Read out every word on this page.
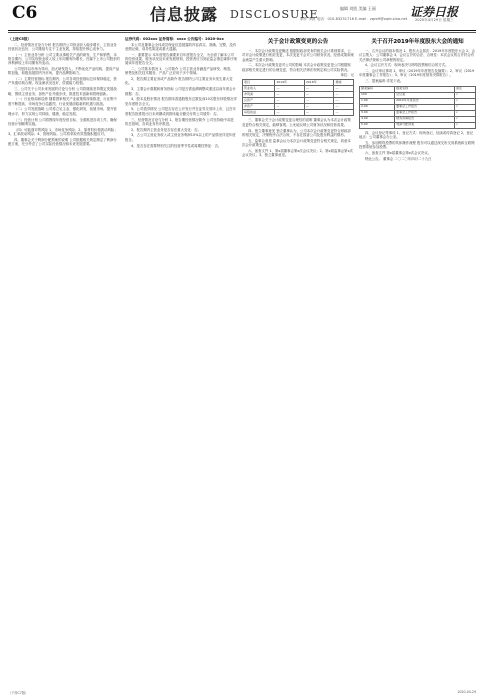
C6	信息披露 DISCLOSURE	编辑 刘凯 美编 王丽	证券日报
制作 李波 电话：010-83251716 E-mail：zqrb9@zqrb.sina.net 2020年4月29日 星期三
（上接C5版）

二、经营情况讨论与分析 报告期内公司营业收入稳步增长，主营业务经营状况良好，公司继续专注于主业发展，持续提升核心竞争力。

（一）主营业务分析 公司主要从事相关产品的研发、生产和销售，本报告期内，公司实现营业收入较上年同期有所增长，归属于上市公司股东的净利润较上年同期有所变动。

公司坚持以市场为导向，加大研发投入，不断优化产品结构，提高产品附加值，积极拓展国内外市场，提升品牌影响力。

（二）主要经营指标 报告期内，公司各项经营指标总体保持稳定，资产负债结构合理，现金流状况良好，偿债能力较强。

三、公司关于公司未来发展的讨论与分析 公司将继续坚持既定发展战略，围绕主营业务，加快产业升级步伐，推进技术创新和管理创新。

（一）行业格局和趋势 随着国家相关产业政策的持续推进，行业集中度不断提高，市场竞争日趋激烈，行业发展面临新的机遇与挑战。

（二）公司发展战略 公司将立足主业，强化研发，拓展市场，提升管理水平，努力实现公司持续、健康、稳定发展。

（三）经营计划 公司将围绕年度经营目标，全面推进各项工作，确保经营计划顺利实施。

（四）可能面对的风险 1、市场竞争风险；2、原材料价格波动风险；3、汇率波动风险；4、管理风险。公司将采取有效措施积极应对。

四、董事会关于利润分配预案的说明 公司根据相关规定制定了利润分配方案，充分考虑了公司实际经营情况和未来发展需要。

证券代码：002xxx 证券简称：xxxx 公告编号：2020-0xx

本公司及董事会全体成员保证信息披露的内容真实、准确、完整，没有虚假记载、误导性陈述或重大遗漏。

一、重要提示 本年度报告摘要来自年度报告全文，为全面了解本公司的经营成果、财务状况及未来发展规划，投资者应当到证监会指定媒体仔细阅读年度报告全文。

二、公司基本情况 1、公司简介 公司主营业务涵盖产品研发、制造、销售及相关技术服务，产品广泛应用于多个领域。

2、报告期主要业务或产品简介 报告期内公司主要业务未发生重大变化。

3、主要会计数据和财务指标 公司是否需追溯调整或重述以前年度会计数据：否。

4、股本及股东情况 报告期末普通股股东总数及前10名股东持股情况详见年度报告全文。

5、公司债券情况 公司是否存在公开发行并在证券交易所上市，且在年度报告批准报出日未到期或到期未能全额兑付的公司债券：否。

三、经营情况讨论与分析 1、报告期经营情况简介 公司坚持稳中求进的总基调，各项业务有序推进。

2、报告期内主营业务是否存在重大变化：否。

3、占公司主营业务收入或主营业务利润10%以上的产品情况详见年度报告。

4、是否存在需要特别关注的经营季节性或周期性特征：否。

关于会计政策变更的公告

一、本次会计政策变更概述 根据财政部发布的相关会计准则要求，公司对会计政策进行相应变更，本次变更不会对公司财务状况、经营成果和现金流量产生重大影响。

二、本次会计政策变更对公司的影响 本次会计政策变更是公司根据财政部相关规定进行的合理变更，符合相关法律法规规定和公司实际情况。

单位：元
项目	2019年	2018年	增减
营业收入	—	—	—
净利润	—	—	—
总资产	—	—	—
净资产	—	—	—
每股收益	—	—	—

三、董事会关于会计政策变更合理性的说明 董事会认为本次会计政策变更符合相关规定，能够客观、公允地反映公司财务状况和经营成果。

四、独立董事意见 独立董事认为，公司本次会计政策变更符合财政部的相关规定，决策程序合法合规，不存在损害公司及股东利益的情形。

五、监事会意见 监事会认为本次会计政策变更符合相关规定，同意本次会计政策变更。

六、备查文件 1、第x届董事会第x次会议决议；2、第x届监事会第x次会议决议；3、独立董事意见。

关于召开2019年年度股东大会的通知

一、召开会议的基本情况 1、股东大会届次：2019年年度股东大会 2、会议召集人：公司董事会 3、会议召开的合法、合规性：本次会议的召开符合有关法律法规和公司章程的规定。

4、会议召开方式：现场表决与网络投票相结合的方式。

二、会议审议事项 1、审议《2019年年度报告及摘要》；2、审议《2019年度董事会工作报告》；3、审议《2019年度财务决算报告》。

三、提案编码 详见下表。

提案编码	提案名称	备注
100	总议案	√
1.00	2019年年度报告	√
2.00	董事会工作报告	√
3.00	监事会工作报告	√
4.00	财务决算报告	√
5.00	利润分配预案	√

四、会议登记等事项 1、登记方式：现场登记、信函或传真登记 2、登记地点：公司董事会办公室。

五、参加网络投票的具体操作流程 股东可以通过深交所交易系统和互联网投票系统参加投票。

六、备查文件 第x届董事会第x次会议决议。

特此公告。 董事会 二〇二〇年四月二十九日

（下转C7版）	2020-04-29
